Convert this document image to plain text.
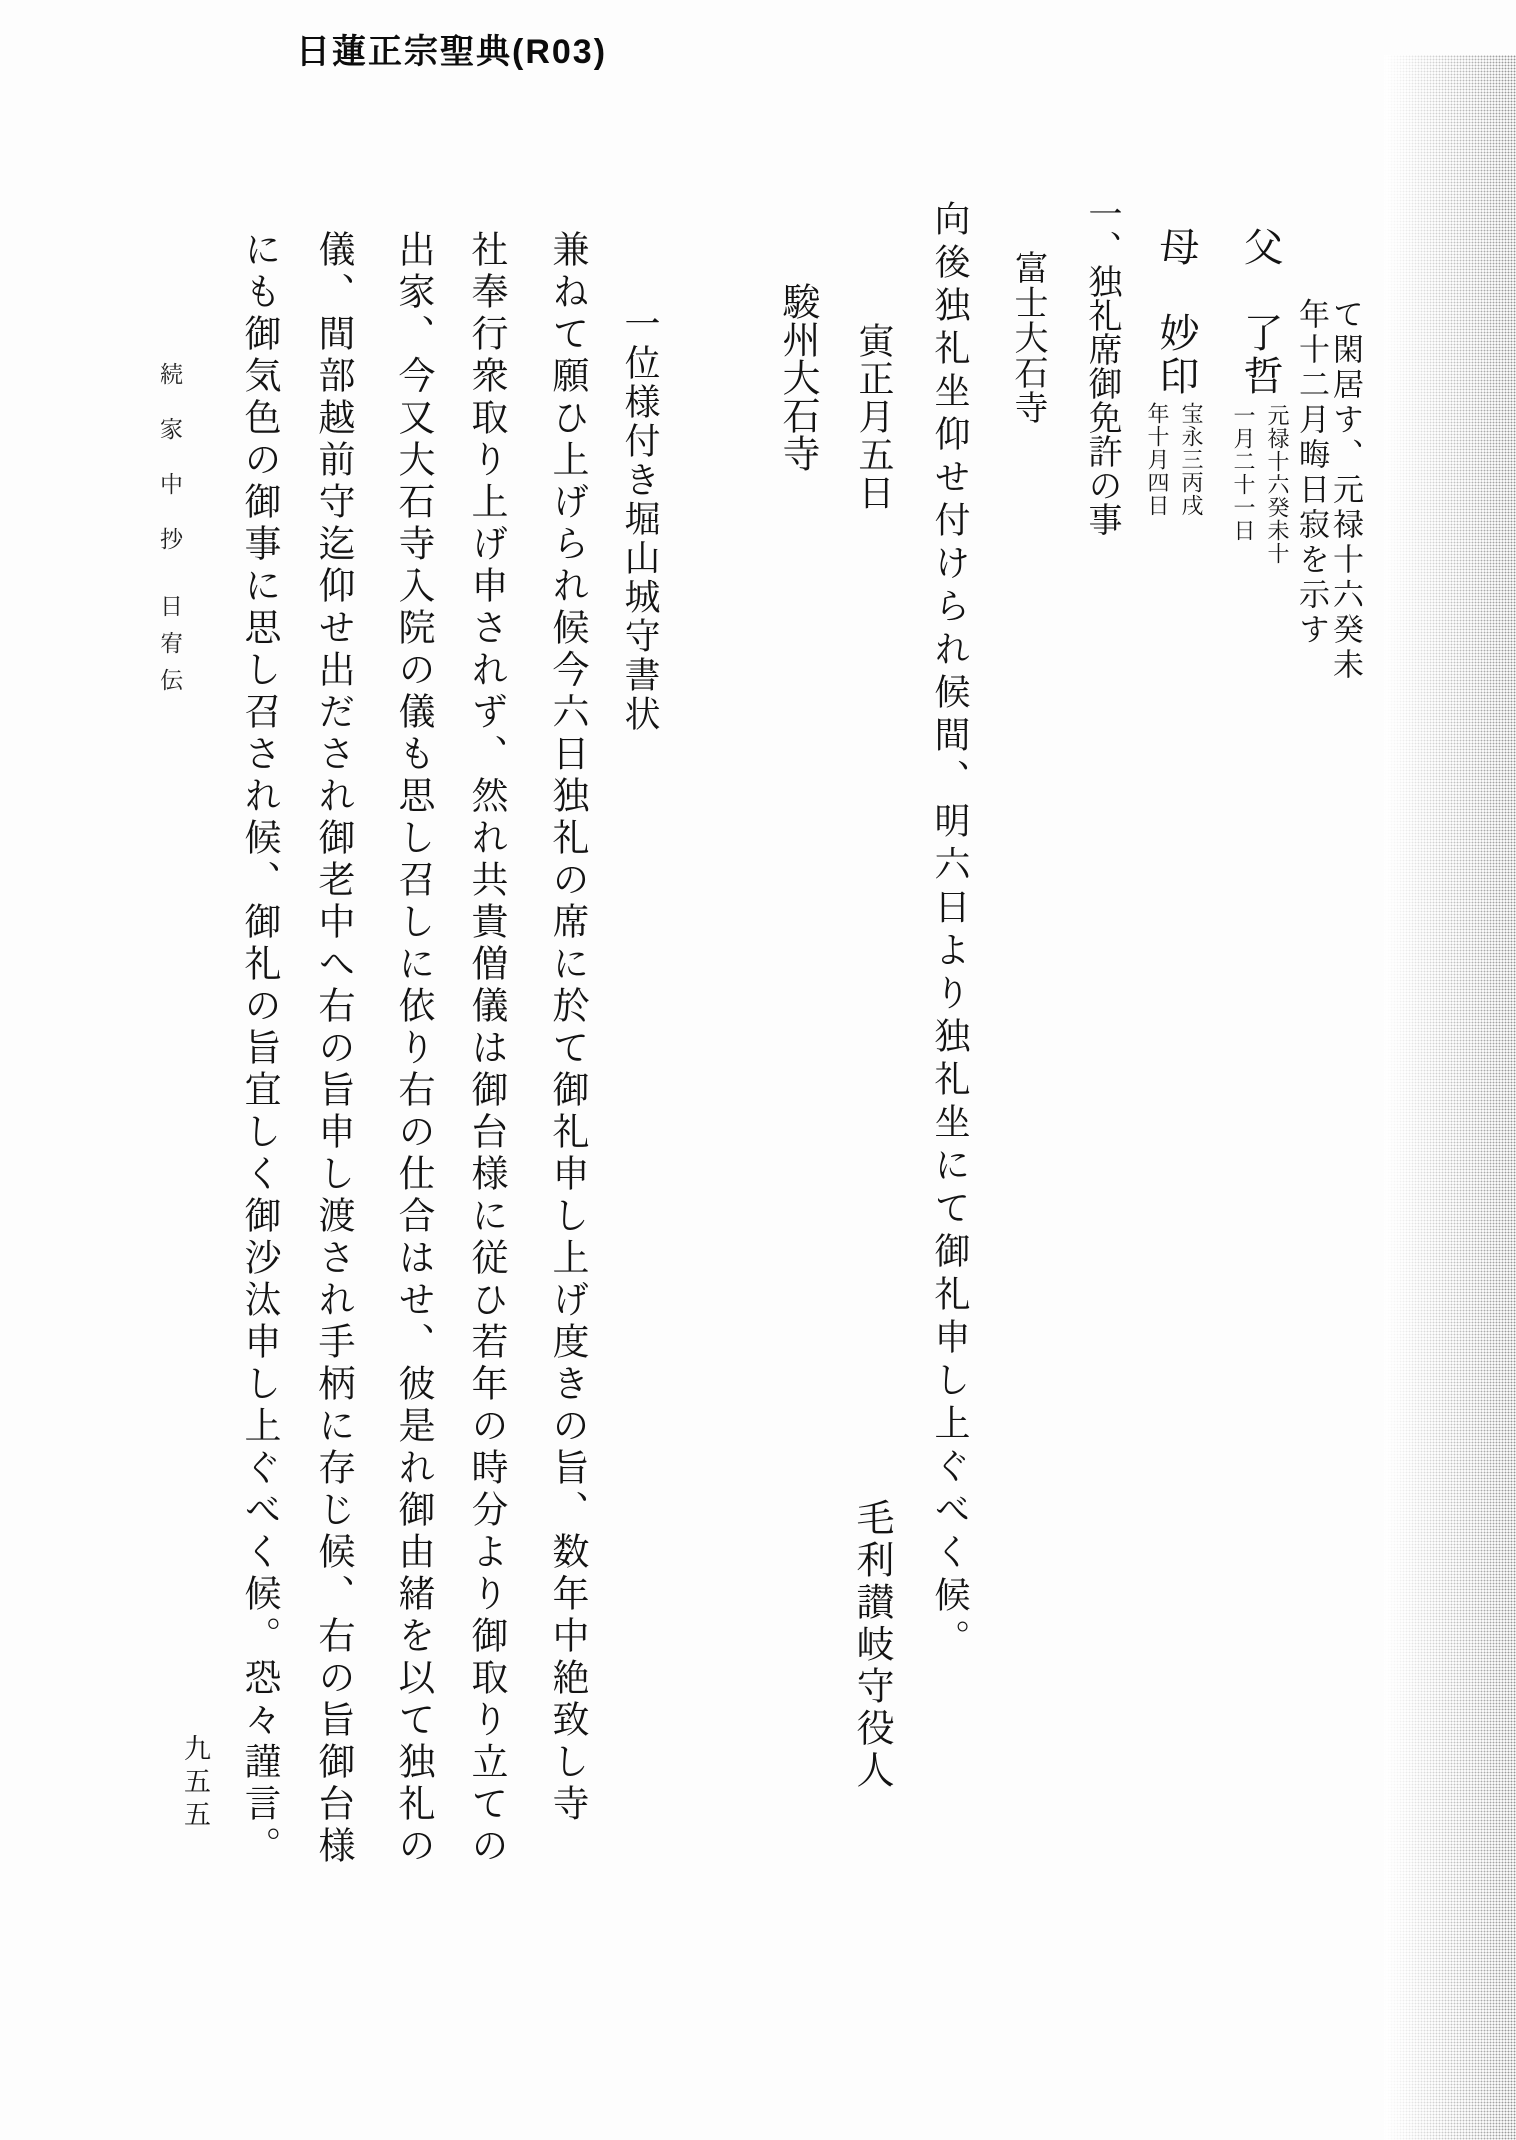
日蓮正宗聖典(R03)
て閑居す、元禄十六癸未
年十二月晦日寂を示す
父
了哲
元禄十六癸未十
一月二十一日
母
妙印
宝永三丙戌
年十月四日
一、独礼席御免許の事
富士大石寺
向後独礼坐仰せ付けられ候間、明六日より独礼坐にて御礼申し上ぐべく候。
寅正月五日
毛利讃岐守役人
駿州大石寺
一位様付き堀山城守書状
兼ねて願ひ上げられ候今六日独礼の席に於て御礼申し上げ度きの旨、数年中絶致し寺
社奉行衆取り上げ申されず、然れ共貴僧儀は御台様に従ひ若年の時分より御取り立ての
出家、今又大石寺入院の儀も思し召しに依り右の仕合はせ、彼是れ御由緒を以て独礼の
儀、間部越前守迄仰せ出だされ御老中へ右の旨申し渡され手柄に存じ候、右の旨御台様
にも御気色の御事に思し召され候、御礼の旨宜しく御沙汰申し上ぐべく候。恐々謹言。
続家中抄
日宥伝
九五五
